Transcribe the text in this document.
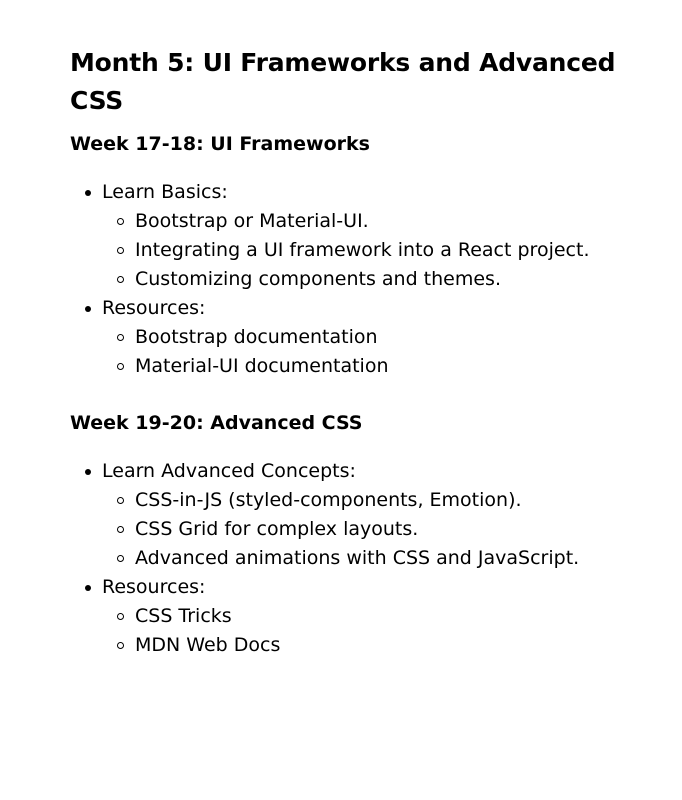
Month 5: UI Frameworks and Advanced CSS
Week 17-18: UI Frameworks
Learn Basics:
Bootstrap or Material-UI.
Integrating a UI framework into a React project.
Customizing components and themes.
Resources:
Bootstrap documentation
Material-UI documentation
Week 19-20: Advanced CSS
Learn Advanced Concepts:
CSS-in-JS (styled-components, Emotion).
CSS Grid for complex layouts.
Advanced animations with CSS and JavaScript.
Resources:
CSS Tricks
MDN Web Docs
